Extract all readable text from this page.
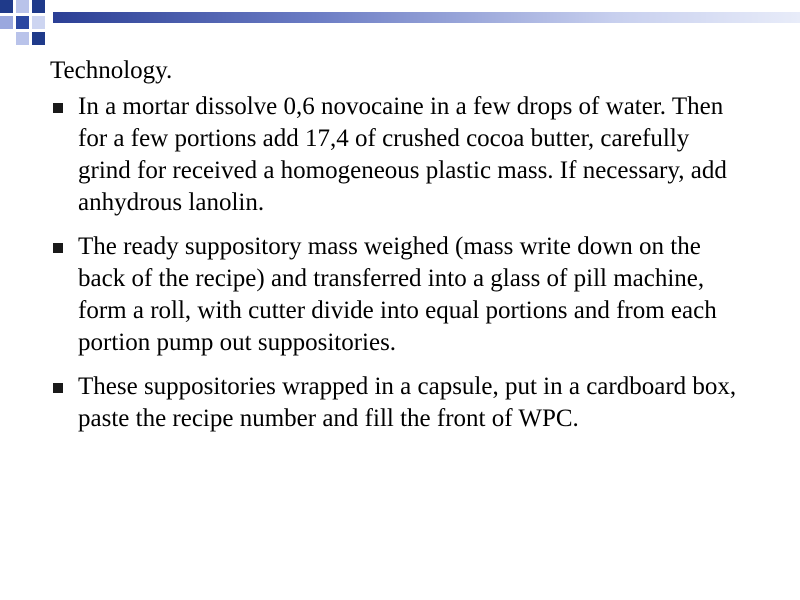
Technology.
In a mortar dissolve 0,6 novocaine in a few drops of water. Then for a few portions add 17,4 of crushed cocoa butter, carefully grind for received a homogeneous plastic mass. If necessary, add anhydrous lanolin.
The ready suppository mass weighed (mass write down on the back of the recipe) and transferred into a glass of pill machine, form a roll, with cutter divide into equal portions and from each portion pump out suppositories.
These suppositories wrapped in a capsule, put in a cardboard box, paste the recipe number and fill the front of WPC.
